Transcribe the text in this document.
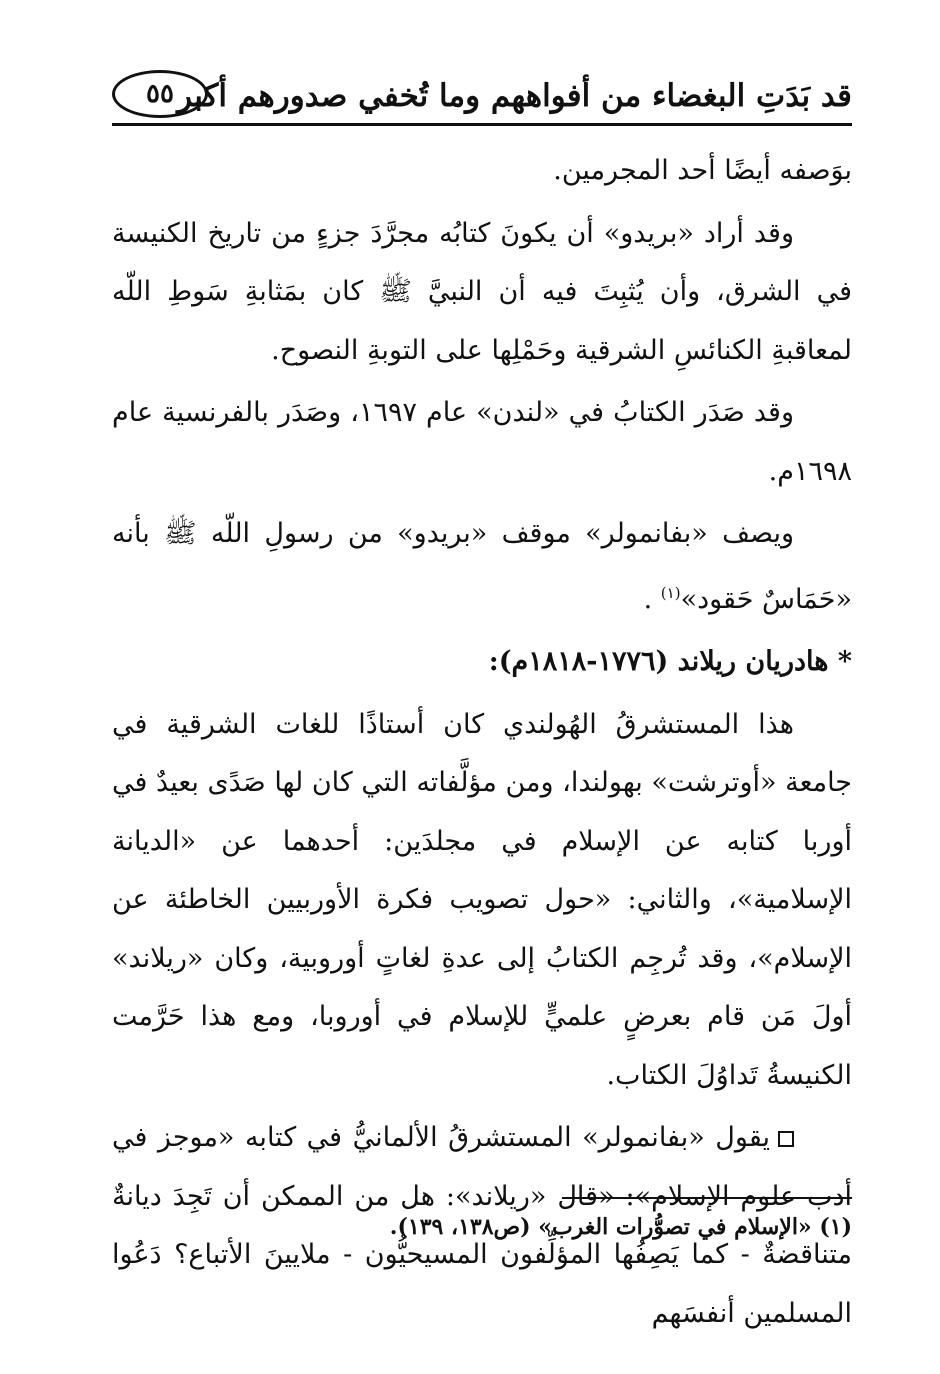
قد بَدَتِ البغضاء من أفواههم وما تُخفي صدورهم أكبر
٥٥

بوَصفه أيضًا أحد المجرمين.

وقد أراد «بريدو» أن يكونَ كتابُه مجرَّدَ جزءٍ من تاريخ الكنيسة في الشرق، وأن يُثبِتَ فيه أن النبيَّ ﷺ كان بمَثابةِ سَوطِ اللّه لمعاقبةِ الكنائسِ الشرقية وحَمْلِها على التوبةِ النصوح.

وقد صَدَر الكتابُ في «لندن» عام ١٦٩٧، وصَدَر بالفرنسية عام ١٦٩٨م.

ويصف «بفانمولر» موقف «بريدو» من رسولِ اللّه ﷺ بأنه «حَمَاسٌ حَقود»$^{(١)}$ .

* هادريان ريلاند (١٧٧٦-١٨١٨م):

هذا المستشرقُ الهُولندي كان أستاذًا للغات الشرقية في جامعة «أوترشت» بهولندا، ومن مؤلَّفاته التي كان لها صَدًى بعيدٌ في أوربا كتابه عن الإسلام في مجلدَين: أحدهما عن «الديانة الإسلامية»، والثاني: «حول تصويب فكرة الأوربيين الخاطئة عن الإسلام»، وقد تُرجِم الكتابُ إلى عدةِ لغاتٍ أوروبية، وكان «ريلاند» أولَ مَن قام بعرضٍ علميٍّ للإسلام في أوروبا، ومع هذا حَرَّمت الكنيسةُ تَداوُلَ الكتاب.

يقول «بفانمولر» المستشرقُ الألمانيُّ في كتابه «موجز في أدب علوم الإسلام»: «قال «ريلاند»: هل من الممكن أن تَجِدَ ديانةٌ متناقضةٌ - كما يَصِفُها المؤلِّفون المسيحيُّون - ملايينَ الأتباع؟ دَعُوا المسلمين أنفسَهم

(١) «الإسلام في تصوُّرات الغرب» (ص١٣٨، ١٣٩).
